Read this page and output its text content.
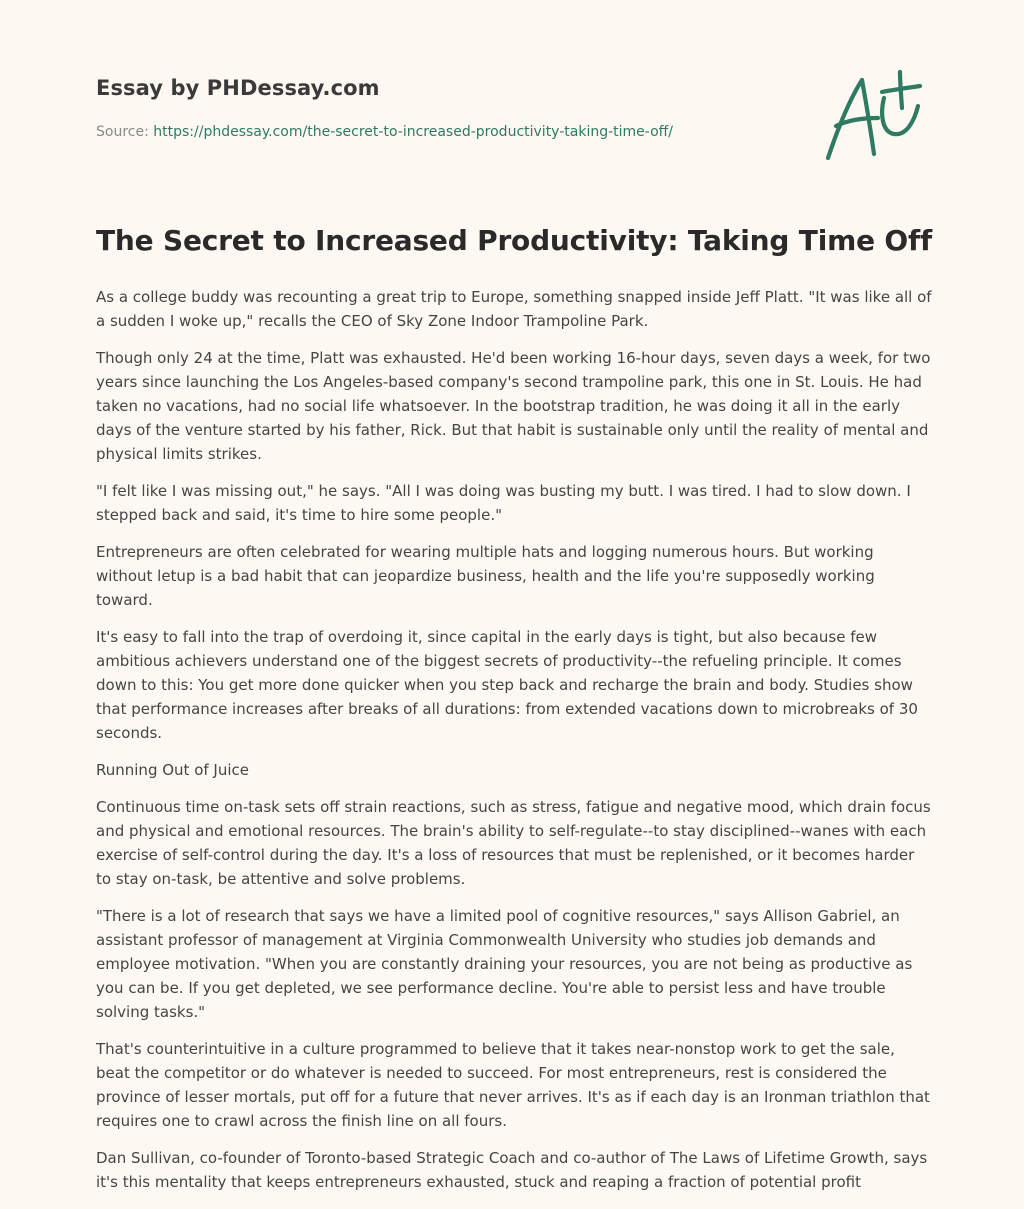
Essay by PHDessay.com
Source: https://phdessay.com/the-secret-to-increased-productivity-taking-time-off/
The Secret to Increased Productivity: Taking Time Off

As a college buddy was recounting a great trip to Europe, something snapped inside Jeff Platt. "It was like all of a sudden I woke up," recalls the CEO of Sky Zone Indoor Trampoline Park.

Though only 24 at the time, Platt was exhausted. He'd been working 16-hour days, seven days a week, for two years since launching the Los Angeles-based company's second trampoline park, this one in St. Louis. He had taken no vacations, had no social life whatsoever. In the bootstrap tradition, he was doing it all in the early days of the venture started by his father, Rick. But that habit is sustainable only until the reality of mental and physical limits strikes.

"I felt like I was missing out," he says. "All I was doing was busting my butt. I was tired. I had to slow down. I stepped back and said, it's time to hire some people."

Entrepreneurs are often celebrated for wearing multiple hats and logging numerous hours. But working without letup is a bad habit that can jeopardize business, health and the life you're supposedly working toward.

It's easy to fall into the trap of overdoing it, since capital in the early days is tight, but also because few ambitious achievers understand one of the biggest secrets of productivity--the refueling principle. It comes down to this: You get more done quicker when you step back and recharge the brain and body. Studies show that performance increases after breaks of all durations: from extended vacations down to microbreaks of 30 seconds.

Running Out of Juice

Continuous time on-task sets off strain reactions, such as stress, fatigue and negative mood, which drain focus and physical and emotional resources. The brain's ability to self-regulate--to stay disciplined--wanes with each exercise of self-control during the day. It's a loss of resources that must be replenished, or it becomes harder to stay on-task, be attentive and solve problems.

"There is a lot of research that says we have a limited pool of cognitive resources," says Allison Gabriel, an assistant professor of management at Virginia Commonwealth University who studies job demands and employee motivation. "When you are constantly draining your resources, you are not being as productive as you can be. If you get depleted, we see performance decline. You're able to persist less and have trouble solving tasks."

That's counterintuitive in a culture programmed to believe that it takes near-nonstop work to get the sale, beat the competitor or do whatever is needed to succeed. For most entrepreneurs, rest is considered the province of lesser mortals, put off for a future that never arrives. It's as if each day is an Ironman triathlon that requires one to crawl across the finish line on all fours.

Dan Sullivan, co-founder of Toronto-based Strategic Coach and co-author of The Laws of Lifetime Growth, says it's this mentality that keeps entrepreneurs exhausted, stuck and reaping a fraction of potential profit
